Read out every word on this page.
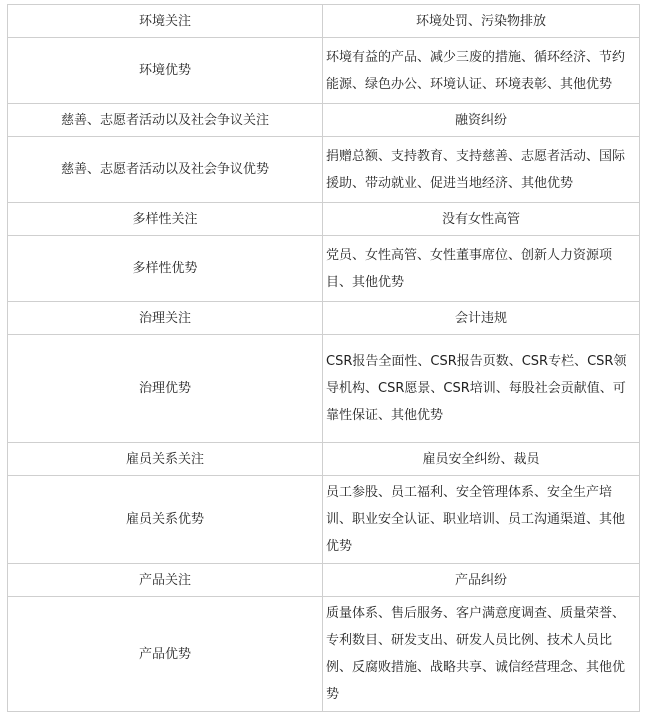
环境关注	环境处罚、污染物排放
环境优势	环境有益的产品、减少三废的措施、循环经济、节约能源、绿色办公、环境认证、环境表彰、其他优势
慈善、志愿者活动以及社会争议关注	融资纠纷
慈善、志愿者活动以及社会争议优势	捐赠总额、支持教育、支持慈善、志愿者活动、国际援助、带动就业、促进当地经济、其他优势
多样性关注	没有女性高管
多样性优势	党员、女性高管、女性董事席位、创新人力资源项目、其他优势
治理关注	会计违规
治理优势	CSR报告全面性、CSR报告页数、CSR专栏、CSR领导机构、CSR愿景、CSR培训、每股社会贡献值、可靠性保证、其他优势
雇员关系关注	雇员安全纠纷、裁员
雇员关系优势	员工参股、员工福利、安全管理体系、安全生产培训、职业安全认证、职业培训、员工沟通渠道、其他优势
产品关注	产品纠纷
产品优势	质量体系、售后服务、客户满意度调查、质量荣誉、专利数目、研发支出、研发人员比例、技术人员比例、反腐败措施、战略共享、诚信经营理念、其他优势
